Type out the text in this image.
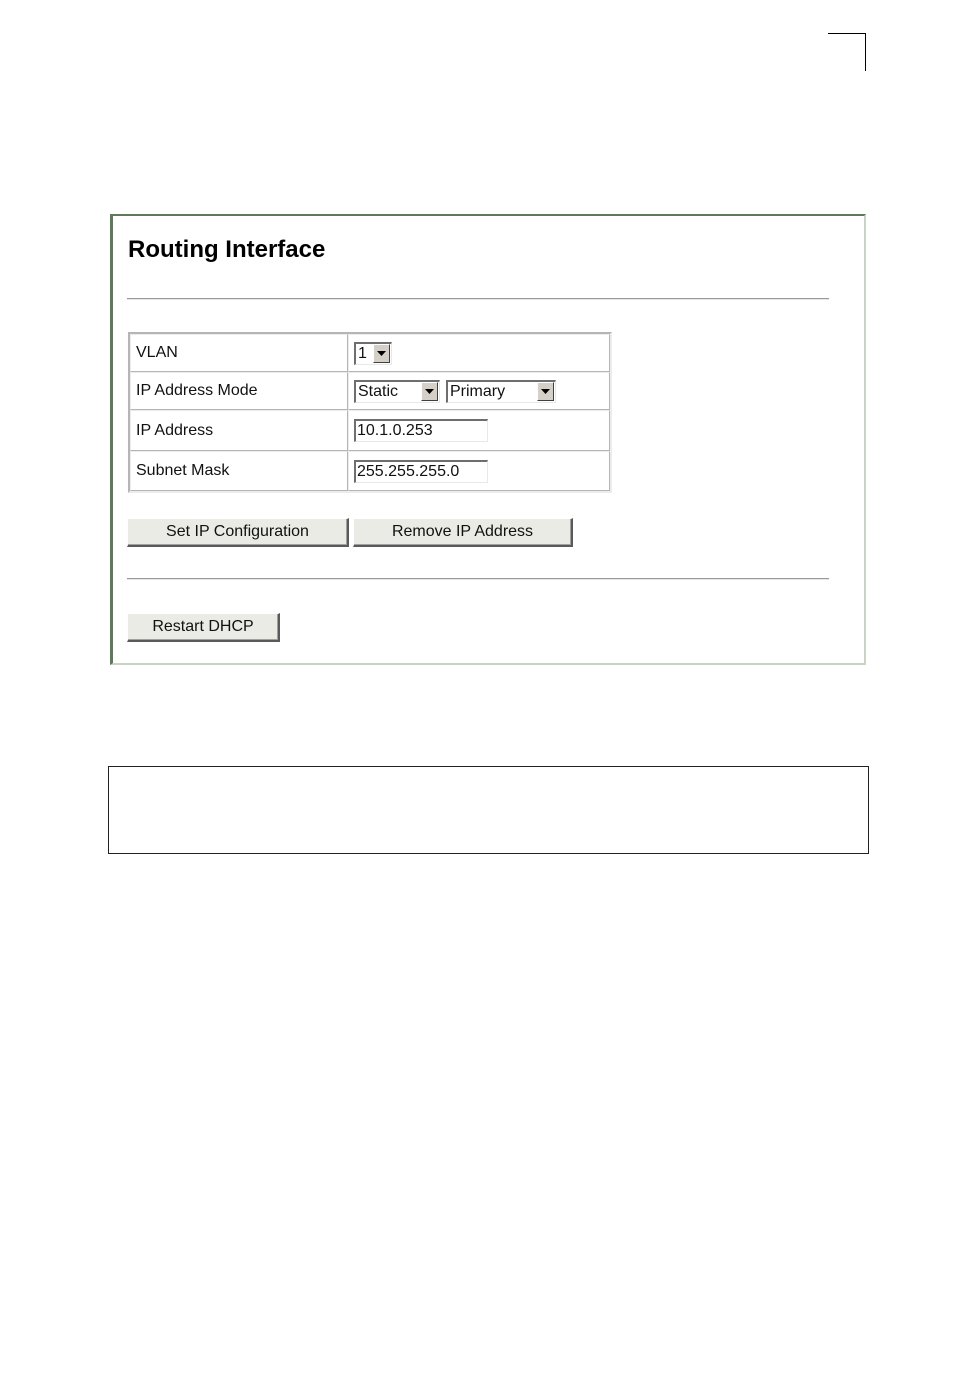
Routing Interface
VLAN	1

IP Address Mode	Static Primary

IP Address	10.1.0.253
Subnet Mask	255.255.255.0
Set IP Configuration	Remove IP Address
Restart DHCP
